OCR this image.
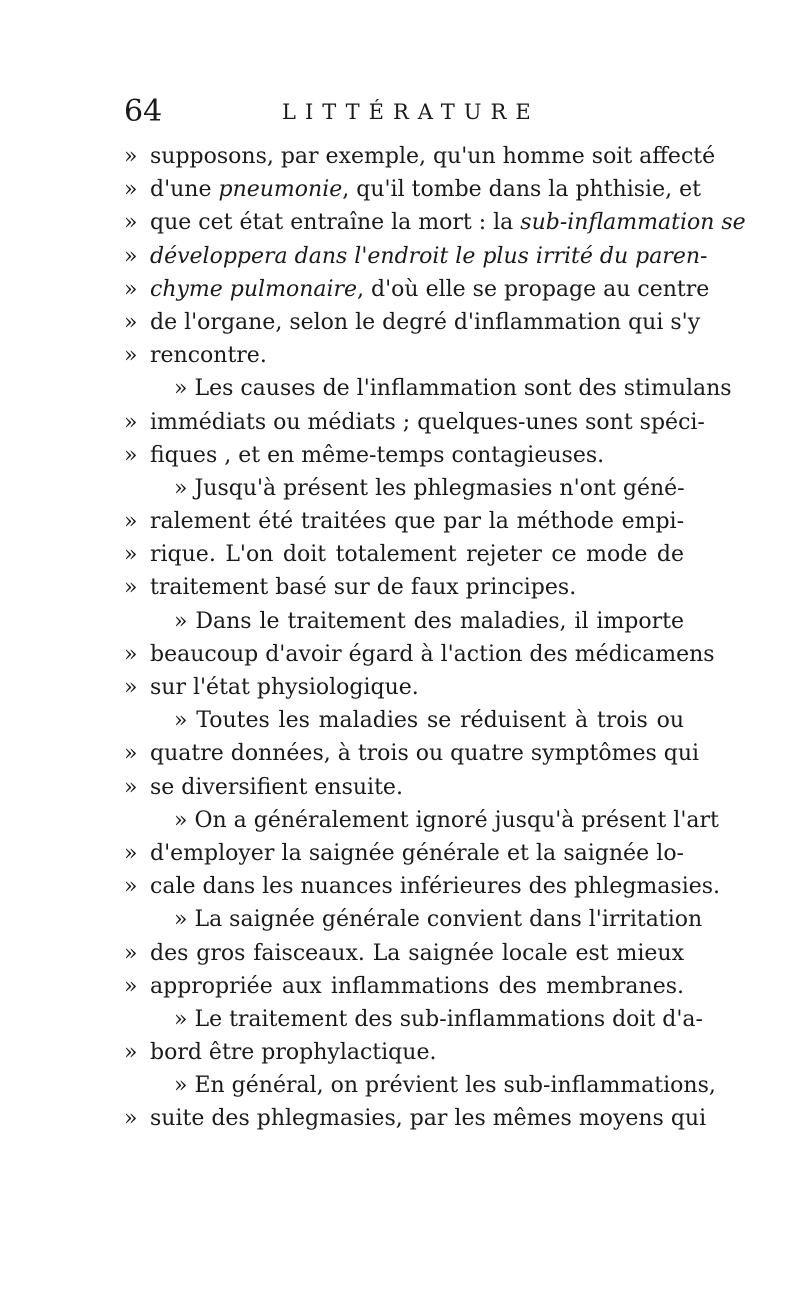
64	LITTÉRATURE
» supposons, par exemple, qu'un homme soit affecté
» d'une pneumonie, qu'il tombe dans la phthisie, et
» que cet état entraîne la mort : la sub-inflammation se
» développera dans l'endroit le plus irrité du paren-
» chyme pulmonaire, d'où elle se propage au centre
» de l'organe, selon le degré d'inflammation qui s'y
» rencontre.
» Les causes de l'inflammation sont des stimulans
» immédiats ou médiats ; quelques-unes sont spéci-
» fiques , et en même-temps contagieuses.
» Jusqu'à présent les phlegmasies n'ont géné-
» ralement été traitées que par la méthode empi-
» rique. L'on doit totalement rejeter ce mode de
» traitement basé sur de faux principes.
» Dans le traitement des maladies, il importe
» beaucoup d'avoir égard à l'action des médicamens
» sur l'état physiologique.
» Toutes les maladies se réduisent à trois ou
» quatre données, à trois ou quatre symptômes qui
» se diversifient ensuite.
» On a généralement ignoré jusqu'à présent l'art
» d'employer la saignée générale et la saignée lo-
» cale dans les nuances inférieures des phlegmasies.
» La saignée générale convient dans l'irritation
» des gros faisceaux. La saignée locale est mieux
» appropriée aux inflammations des membranes.
» Le traitement des sub-inflammations doit d'a-
» bord être prophylactique.
» En général, on prévient les sub-inflammations,
» suite des phlegmasies, par les mêmes moyens qui
